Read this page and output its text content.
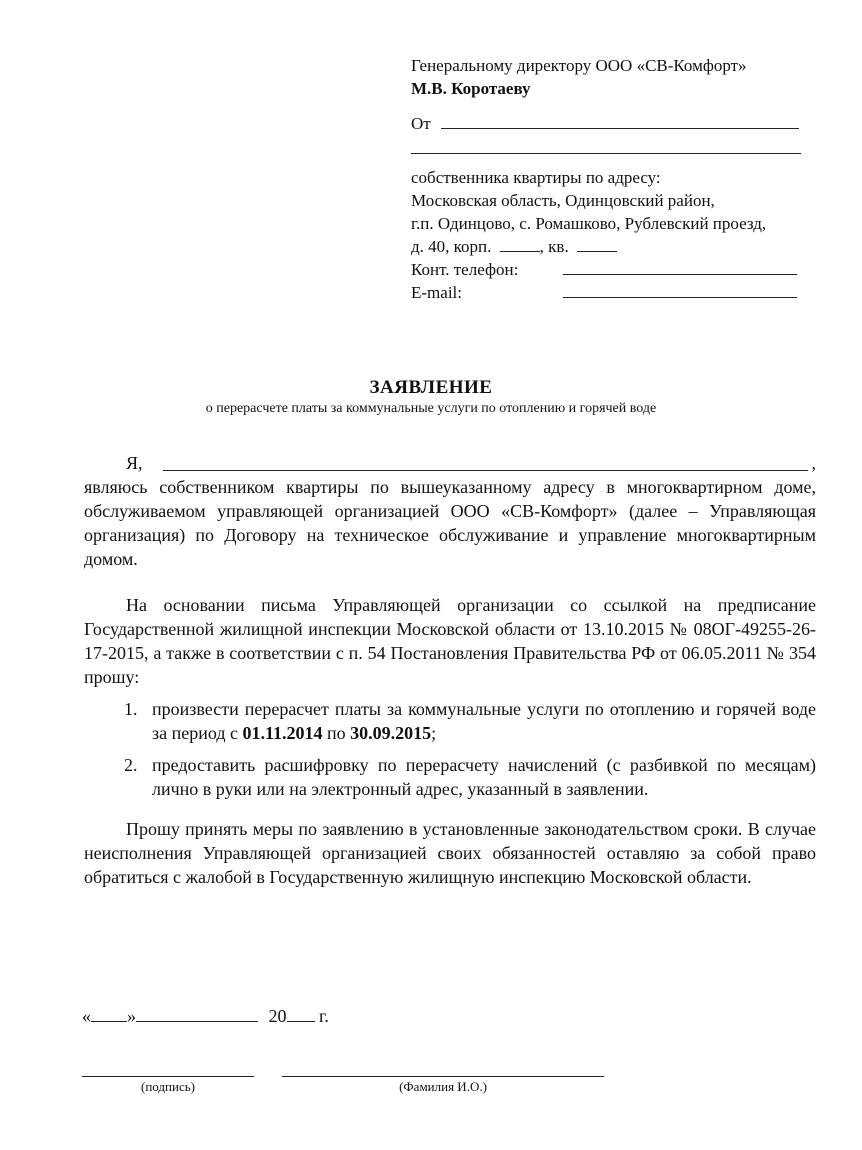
Генеральному директору ООО «СВ-Комфорт»
М.В. Коротаеву
От
собственника квартиры по адресу:
Московская область, Одинцовский район,
г.п. Одинцово, с. Ромашково, Рублевский проезд,
д. 40, корп.	, кв.
Конт. телефон:
E-mail:
ЗАЯВЛЕНИЕ
о перерасчете платы за коммунальные услуги по отоплению и горячей воде
Я,	,

являюсь собственником квартиры по вышеуказанному адресу в многоквартирном доме, обслуживаемом управляющей организацией ООО «СВ-Комфорт» (далее – Управляющая организация) по Договору на техническое обслуживание и управление многоквартирным домом.

На основании письма Управляющей организации со ссылкой на предписание Государственной жилищной инспекции Московской области от 13.10.2015 № 08ОГ-49255-26-17-2015, а также в соответствии с п. 54 Постановления Правительства РФ от 06.05.2011 № 354 прошу:

1. произвести перерасчет платы за коммунальные услуги по отоплению и горячей воде за период с 01.11.2014 по 30.09.2015;
2. предоставить расшифровку по перерасчету начислений (с разбивкой по месяцам) лично в руки или на электронный адрес, указанный в заявлении.

Прошу принять меры по заявлению в установленные законодательством сроки. В случае неисполнения Управляющей организацией своих обязанностей оставляю за собой право обратиться с жалобой в Государственную жилищную инспекцию Московской области.

« »	20 г.
(подпись)	(Фамилия И.О.)
